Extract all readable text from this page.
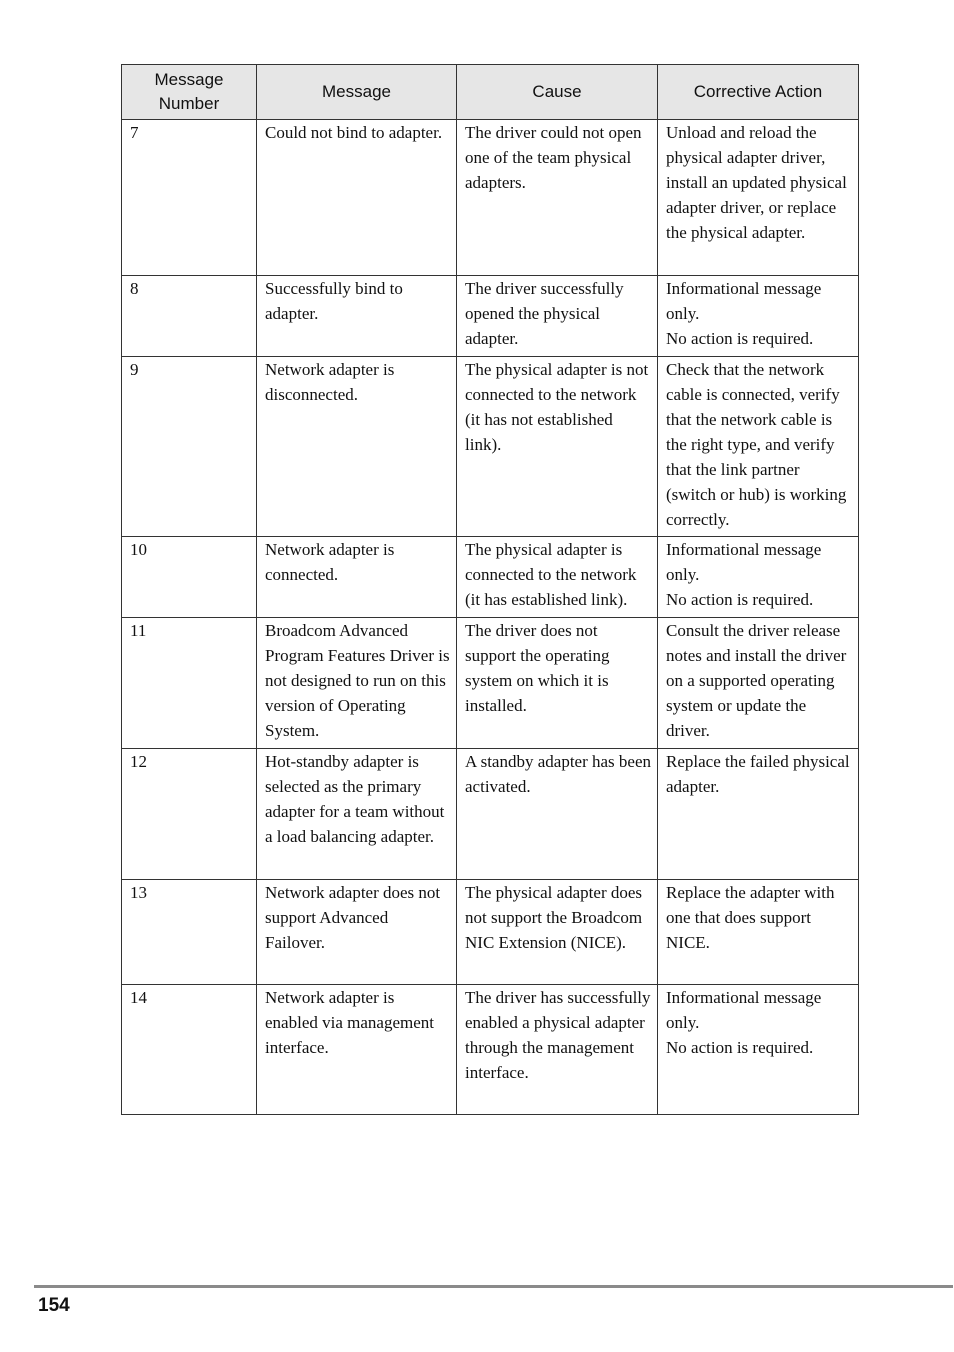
Message Number	Message	Cause	Corrective Action
7	Could not bind to adapter.	The driver could not open one of the team physical adapters.	Unload and reload the physical adapter driver, install an updated physical adapter driver, or replace the physical adapter.

8	Successfully bind to adapter.	The driver successfully opened the physical adapter.	Informational message only.
No action is required.

9	Network adapter is disconnected.	The physical adapter is not connected to the network (it has not established link).	Check that the network cable is connected, verify that the network cable is the right type, and verify that the link partner (switch or hub) is working correctly.

10	Network adapter is connected.	The physical adapter is connected to the network (it has established link).	Informational message only.
No action is required.

11	Broadcom Advanced Program Features Driver is not designed to run on this version of Operating System.	The driver does not support the operating system on which it is installed.	Consult the driver release notes and install the driver on a supported operating system or update the driver.

12	Hot-standby adapter is selected as the primary adapter for a team without a load balancing adapter.	A standby adapter has been activated.	Replace the failed physical adapter.

13	Network adapter does not support Advanced Failover.	The physical adapter does not support the Broadcom NIC Extension (NICE).	Replace the adapter with one that does support NICE.

14	Network adapter is enabled via management interface.	The driver has successfully enabled a physical adapter through the management interface.	Informational message only.
No action is required.
154
